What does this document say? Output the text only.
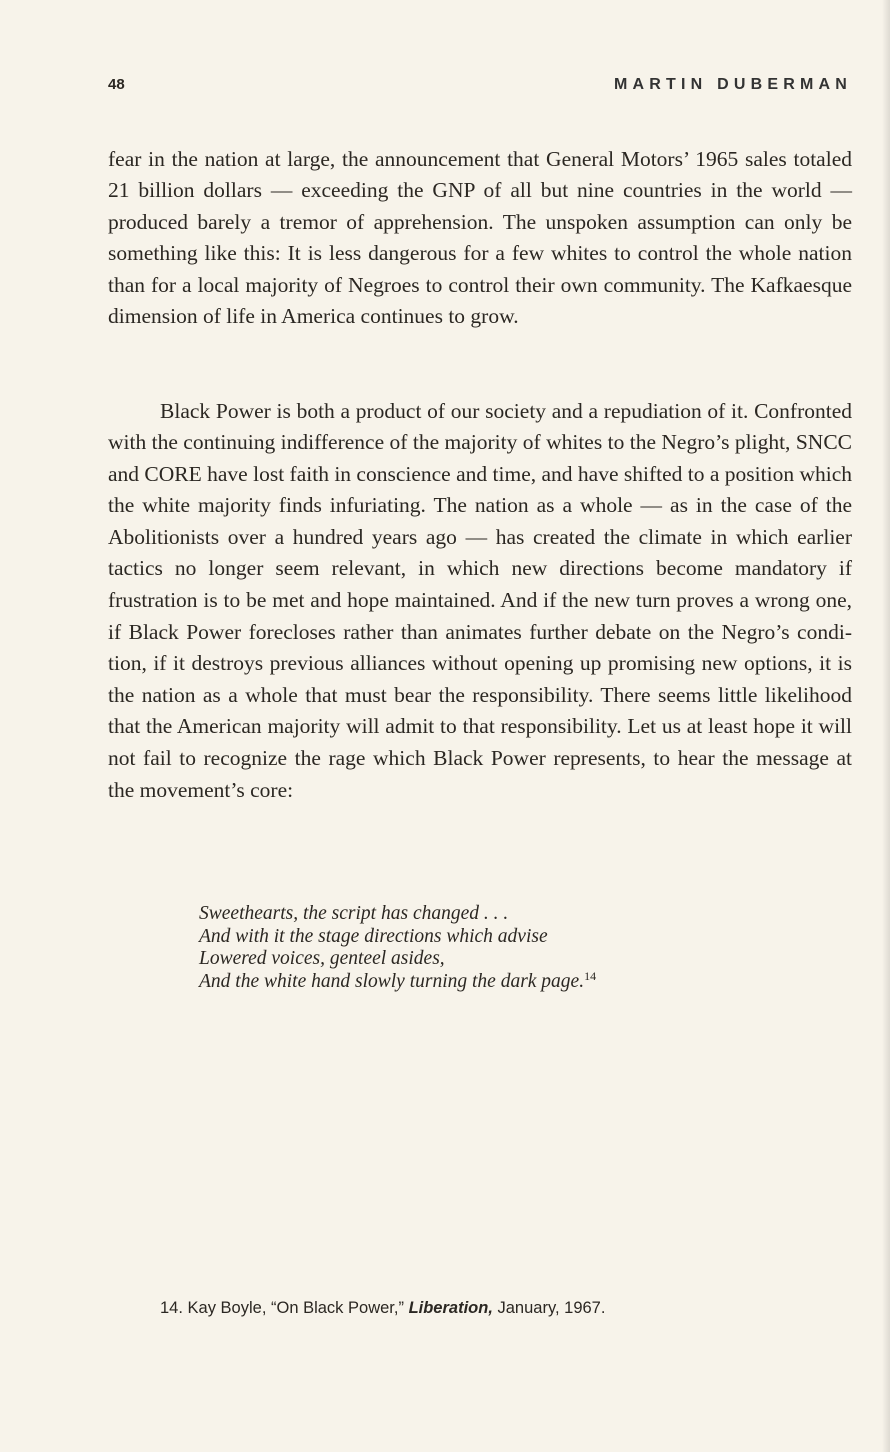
48	MARTIN DUBERMAN

fear in the nation at large, the announcement that General Motors’ 1965 sales totaled 21 billion dollars — exceeding the GNP of all but nine countries in the world — produced barely a tremor of apprehension. The unspoken assumption can only be something like this: It is less dangerous for a few whites to control the whole nation than for a local majority of Negroes to control their own community. The Kafkaesque dimension of life in America continues to grow.

Black Power is both a product of our society and a repudiation of it. Confronted with the continuing indifference of the majority of whites to the Negro’s plight, SNCC and CORE have lost faith in conscience and time, and have shifted to a position which the white majority finds infuriating. The nation as a whole — as in the case of the Abolitionists over a hundred years ago — has created the climate in which earlier tactics no longer seem relevant, in which new directions become mandatory if frustration is to be met and hope maintained. And if the new turn proves a wrong one, if Black Power forecloses rather than animates further debate on the Negro’s condition, if it destroys previous alliances without opening up promising new options, it is the nation as a whole that must bear the responsibility. There seems little likelihood that the American majority will admit to that responsibility. Let us at least hope it will not fail to recognize the rage which Black Power represents, to hear the message at the movement’s core:

Sweethearts, the script has changed . . .
And with it the stage directions which advise
Lowered voices, genteel asides,
And the white hand slowly turning the dark page.$^{14}$
14. Kay Boyle, “On Black Power,” Liberation, January, 1967.
